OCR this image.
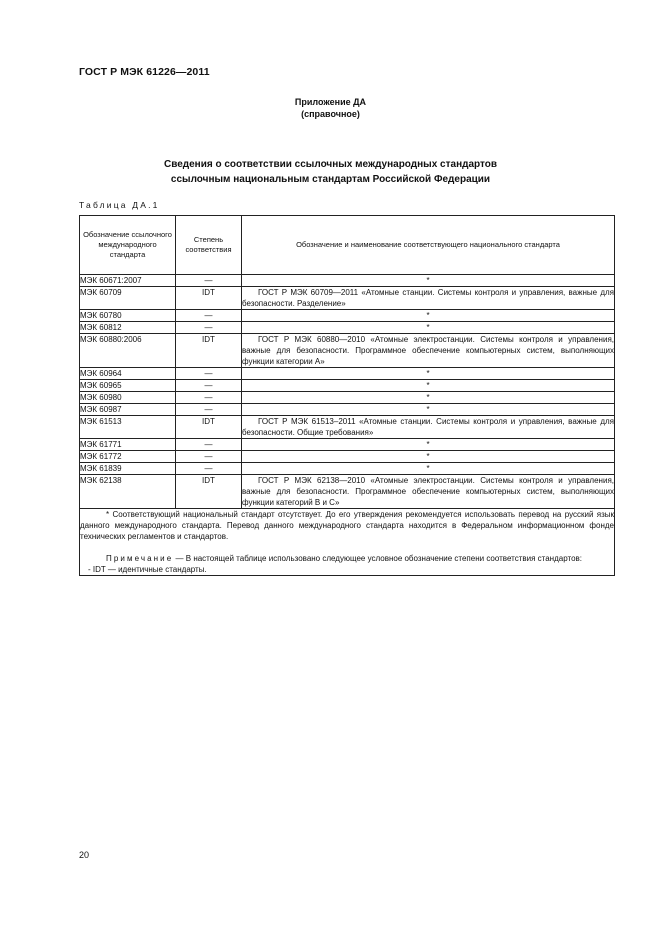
ГОСТ Р МЭК 61226—2011
Приложение ДА
(справочное)
Сведения о соответствии ссылочных международных стандартов
ссылочным национальным стандартам Российской Федерации
Таблица ДА.1
Обозначение ссылочного международного стандарта	Степень соответствия	Обозначение и наименование соответствующего национального стандарта
МЭК 60671:2007	—	*
МЭК 60709	IDT	ГОСТ Р МЭК 60709—2011 «Атомные станции. Системы контроля и управления, важные для безопасности. Разделение»
МЭК 60780	—	*
МЭК 60812	—	*
МЭК 60880:2006	IDT	ГОСТ Р МЭК 60880—2010 «Атомные электростанции. Системы контроля и управления, важные для безопасности. Программное обеспечение компьютерных систем, выполняющих функции категории А»
МЭК 60964	—	*
МЭК 60965	—	*
МЭК 60980	—	*
МЭК 60987	—	*
МЭК 61513	IDT	ГОСТ Р МЭК 61513–2011 «Атомные станции. Системы контроля и управления, важные для безопасности. Общие требования»
МЭК 61771	—	*
МЭК 61772	—	*
МЭК 61839	—	*
МЭК 62138	IDT	ГОСТ Р МЭК 62138—2010 «Атомные электростанции. Системы контроля и управления, важные для безопасности. Программное обеспечение компьютерных систем, выполняющих функции категорий В и С»

* Соответствующий национальный стандарт отсутствует. До его утверждения рекомендуется использовать перевод на русский язык данного международного стандарта. Перевод данного международного стандарта находится в Федеральном информационном фонде технических регламентов и стандартов.

Примечание — В настоящей таблице использовано следующее условное обозначение степени соответствия стандартов:

- IDT — идентичные стандарты.		

20
